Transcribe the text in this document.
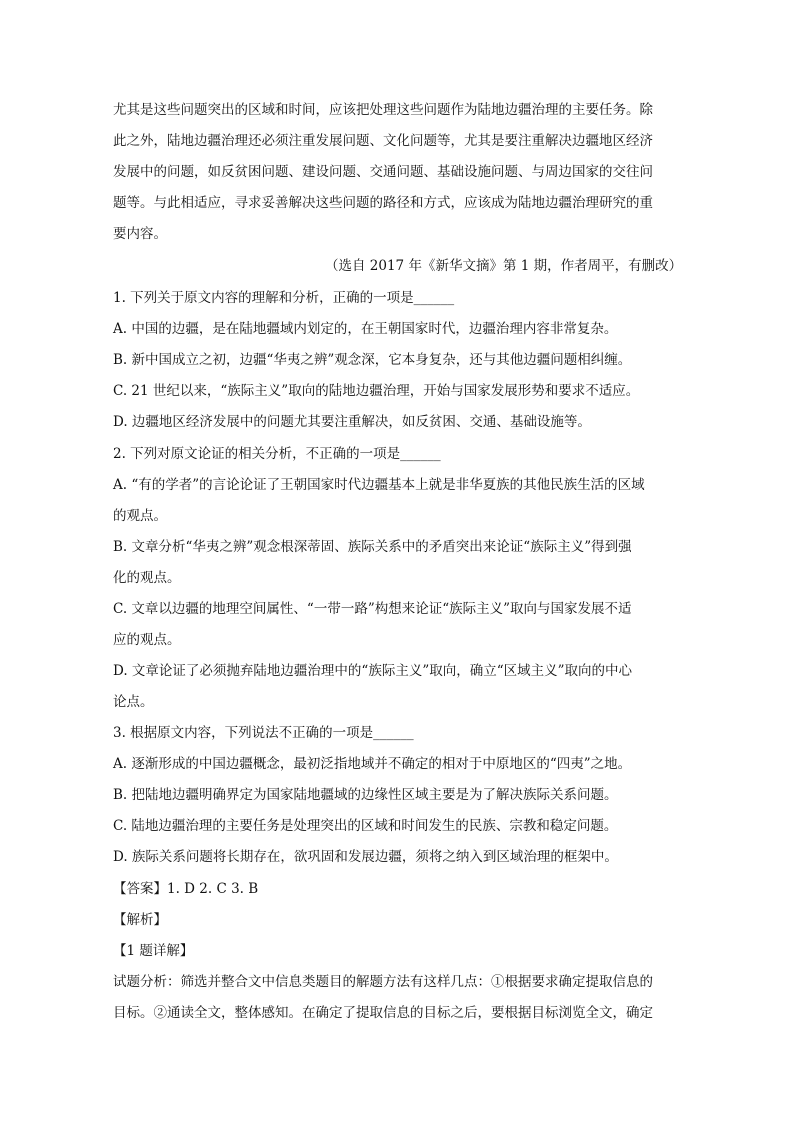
尤其是这些问题突出的区域和时间，应该把处理这些问题作为陆地边疆治理的主要任务。除
此之外，陆地边疆治理还必须注重发展问题、文化问题等，尤其是要注重解决边疆地区经济
发展中的问题，如反贫困问题、建设问题、交通问题、基础设施问题、与周边国家的交往问
题等。与此相适应，寻求妥善解决这些问题的路径和方式，应该成为陆地边疆治理研究的重
要内容。
（选自 2017 年《新华文摘》第 1 期，作者周平，有删改）
1. 下列关于原文内容的理解和分析，正确的一项是______
A. 中国的边疆，是在陆地疆域内划定的，在王朝国家时代，边疆治理内容非常复杂。
B. 新中国成立之初，边疆“华夷之辨”观念深，它本身复杂，还与其他边疆问题相纠缠。
C. 21 世纪以来，“族际主义”取向的陆地边疆治理，开始与国家发展形势和要求不适应。
D. 边疆地区经济发展中的问题尤其要注重解决，如反贫困、交通、基础设施等。
2. 下列对原文论证的相关分析，不正确的一项是______
A. “有的学者”的言论论证了王朝国家时代边疆基本上就是非华夏族的其他民族生活的区域
的观点。
B. 文章分析“华夷之辨”观念根深蒂固、族际关系中的矛盾突出来论证“族际主义”得到强
化的观点。
C. 文章以边疆的地理空间属性、“一带一路”构想来论证“族际主义”取向与国家发展不适
应的观点。
D. 文章论证了必须抛弃陆地边疆治理中的“族际主义”取向，确立“区域主义”取向的中心
论点。
3. 根据原文内容，下列说法不正确的一项是______
A. 逐渐形成的中国边疆概念，最初泛指地域并不确定的相对于中原地区的“四夷”之地。
B. 把陆地边疆明确界定为国家陆地疆域的边缘性区域主要是为了解决族际关系问题。
C. 陆地边疆治理的主要任务是处理突出的区域和时间发生的民族、宗教和稳定问题。
D. 族际关系问题将长期存在，欲巩固和发展边疆，须将之纳入到区域治理的框架中。
【答案】1. D 2. C 3. B
【解析】
【1 题详解】
试题分析：筛选并整合文中信息类题目的解题方法有这样几点：①根据要求确定提取信息的
目标。②通读全文，整体感知。在确定了提取信息的目标之后，要根据目标浏览全文，确定
